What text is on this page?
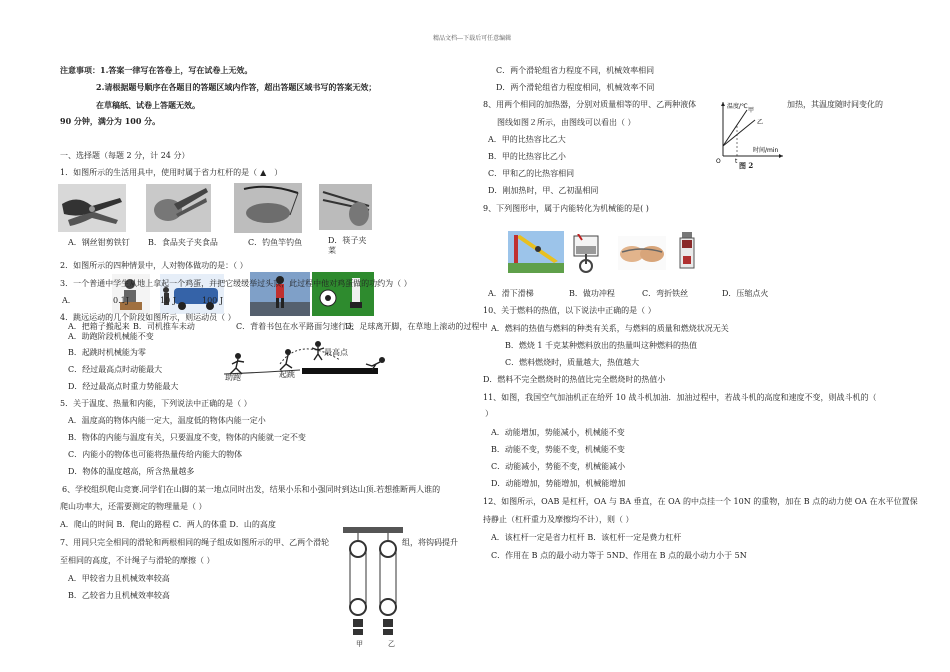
精品文档---下载后可任意编辑
注意事项：1.答案一律写在答卷上，写在试卷上无效。
2.请根据题号顺序在各题目的答题区域内作答，超出答题区域书写的答案无效；
在草稿纸、试卷上答题无效。
90 分钟，满分为 100 分。
一、选择题（每题 2 分，计 24 分）
1．如图所示的生活用具中，使用时属于省力杠杆的是（ ▲ ）
A．钢丝钳剪铁钉 B．食品夹子夹食品	C．钓鱼竿钓鱼	D．筷子夹
菜
2．如图所示的四种情景中，人对物体做功的是：（ ）
3．一个普通中学生从地上拿起一个鸡蛋，并把它缓缓举过头顶，此过程中他对鸡蛋做的功约为（ ）
A．	0.1J	10 J	100 J
4．跳远运动的几个阶段如图所示，则运动员（ ）
A．把箱子搬起来 B．司机推车未动	C．背着书包在水平路面匀速行走
D．足球离开脚，在草地上滚动的过程中
A．助跑阶段机械能不变
B．起跳时机械能为零
C．经过最高点时动能最大
D．经过最高点时重力势能最大
助跑	起跳
最高点
5．关于温度、热量和内能，下列说法中正确的是（ ）
A．温度高的物体内能一定大，温度低的物体内能一定小
B．物体的内能与温度有关，只要温度不变，物体的内能就一定不变
C．内能小的物体也可能将热量传给内能大的物体
D．物体的温度越高，所含热量越多
6、学校组织爬山竞赛.同学们在山脚的某一地点同时出发，结果小乐和小强同时到达山顶.若想推断两人谁的
爬山功率大，还需要测定的物理量是（ ）
A．爬山的时间 B．爬山的路程 C．两人的体重 D．山的高度
7、用同只完全相同的滑轮和两根相同的绳子组成如图所示的甲、乙两个滑轮	组，将钩码提升
至相同的高度，不计绳子与滑轮的摩擦（ ）
A．甲较省力且机械效率较高
B．乙较省力且机械效率较高
甲	乙
C．两个滑轮组省力程度不同，机械效率相同
D．两个滑轮组省力程度相同，机械效率不同
8、用两个相同的加热器，分别对质量相等的甲、乙两种液体	加热，其温度随时间变化的
图线如图２所示，由图线可以看出（ ）
A．甲的比热容比乙大
B．甲的比热容比乙小
C．甲和乙的比热容相同
D．刚加热时，甲、乙初温相同
温度/℃
甲
乙
时间/min
O t 图 2
9、下列图形中，属于内能转化为机械能的是( )
A．滑下滑梯	B．做功冲程	C．弯折铁丝	D．压缩点火
10、关于燃料的热值，以下说法中正确的是（ ）
A．燃料的热值与燃料的种类有关系，与燃料的质量和燃烧状况无关
B．燃烧 1 千克某种燃料放出的热量叫这种燃料的热值
C．燃料燃烧时，质量越大，热值越大
D．燃料不完全燃烧时的热值比完全燃烧时的热值小
11、如图，我国空气加油机正在给歼 10 战斗机加油．加油过程中，若战斗机的高度和速度不变，则战斗机的（
）
A．动能增加，势能减小，机械能不变
B．动能不变，势能不变，机械能不变
C．动能减小，势能不变，机械能减小
D．动能增加，势能增加，机械能增加
12、如图所示，OAB 是杠杆，OA 与 BA 垂直，在 OA 的中点挂一个 10N 的重物，加在 B 点的动力使 OA 在水平位置保
持静止（杠杆重力及摩擦均不计），则（ ）
A．该杠杆一定是省力杠杆 B．该杠杆一定是费力杠杆
C．作用在 B 点的最小动力等于 5ND、作用在 B 点的最小动力小于 5N
